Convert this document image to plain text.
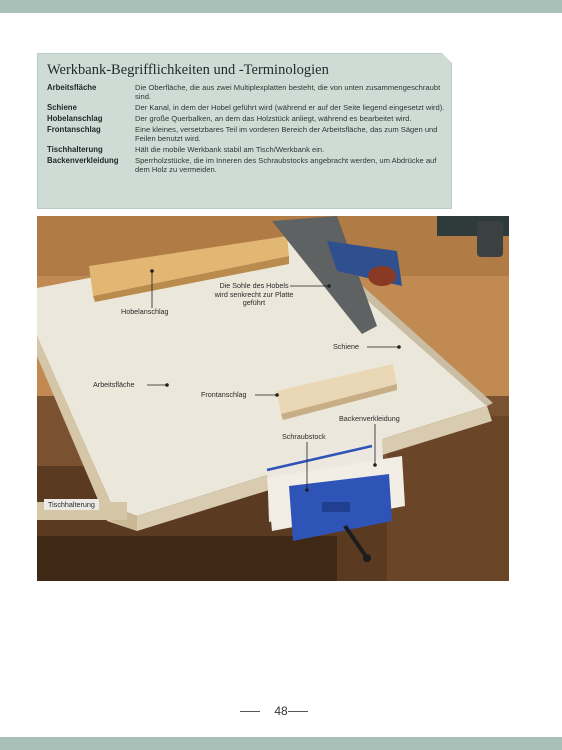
Werkbank-Begrifflichkeiten und -Terminologien
Arbeitsfläche	Die Oberfläche, die aus zwei Multiplexplatten besteht, die von unten zusammengeschraubt sind.
Schiene	Der Kanal, in dem der Hobel geführt wird (während er auf der Seite liegend eingesetzt wird).
Hobelanschlag	Der große Querbalken, an dem das Holzstück anliegt, während es bearbeitet wird.
Frontanschlag	Eine kleines, versetzbares Teil im vorderen Bereich der Arbeitsfläche, das zum Sägen und Feilen benutzt wird.
Tischhalterung	Hält die mobile Werkbank stabil am Tisch/Werkbank ein.
Backenverkleidung	Sperrholzstücke, die im Inneren des Schraubstocks angebracht werden, um Abdrücke auf dem Holz zu vermeiden.
Hobelanschlag
Die Sohle des Hobels
wird senkrecht zur Platte
geführt
Schiene
Arbeitsfläche
Frontanschlag
Backenverkleidung
Schraubstock
Tischhalterung
48
